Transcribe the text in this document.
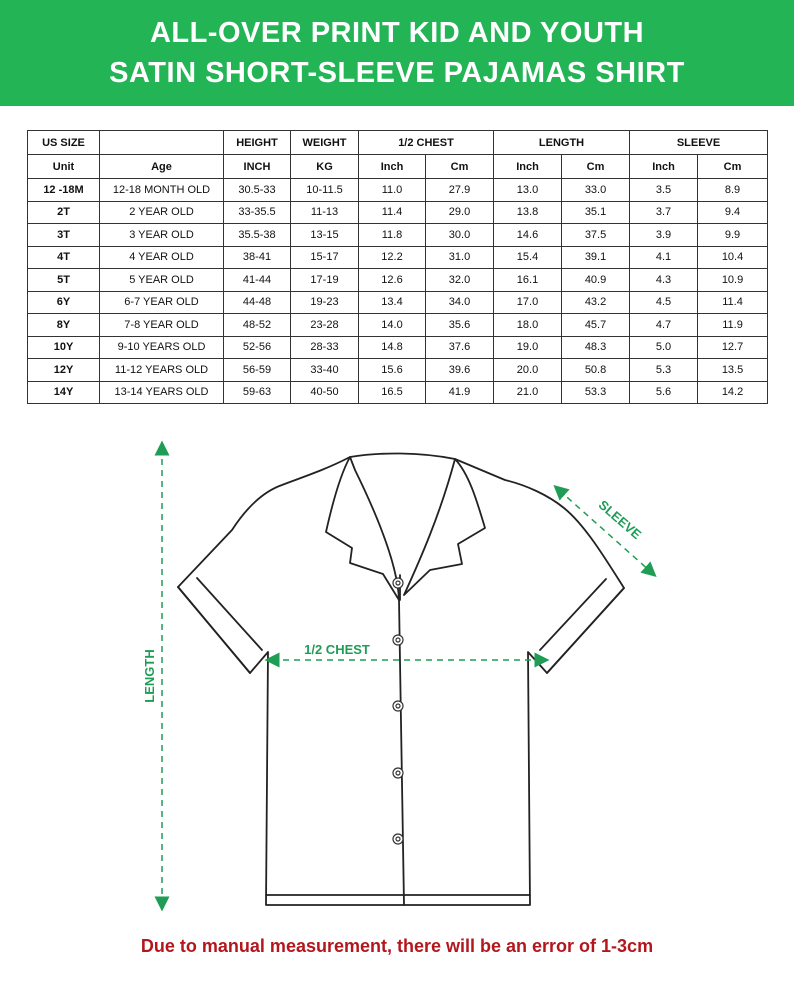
ALL-OVER PRINT KID AND YOUTH
SATIN SHORT-SLEEVE PAJAMAS SHIRT
US SIZE		HEIGHT	WEIGHT	1/2 CHEST		LENGTH		SLEEVE	
Unit	Age	INCH	KG	Inch	Cm	Inch	Cm	Inch	Cm
12 -18M	12-18 MONTH OLD	30.5-33	10-11.5	11.0	27.9	13.0	33.0	3.5	8.9
2T	2 YEAR OLD	33-35.5	11-13	11.4	29.0	13.8	35.1	3.7	9.4
3T	3 YEAR OLD	35.5-38	13-15	11.8	30.0	14.6	37.5	3.9	9.9
4T	4 YEAR OLD	38-41	15-17	12.2	31.0	15.4	39.1	4.1	10.4
5T	5 YEAR OLD	41-44	17-19	12.6	32.0	16.1	40.9	4.3	10.9
6Y	6-7 YEAR OLD	44-48	19-23	13.4	34.0	17.0	43.2	4.5	11.4
8Y	7-8 YEAR OLD	48-52	23-28	14.0	35.6	18.0	45.7	4.7	11.9
10Y	9-10 YEARS OLD	52-56	28-33	14.8	37.6	19.0	48.3	5.0	12.7
12Y	11-12 YEARS OLD	56-59	33-40	15.6	39.6	20.0	50.8	5.3	13.5
14Y	13-14 YEARS OLD	59-63	40-50	16.5	41.9	21.0	53.3	5.6	14.2
LENGTH	1/2 CHEST
SLEEVE
Due to manual measurement, there will be an error of 1-3cm
